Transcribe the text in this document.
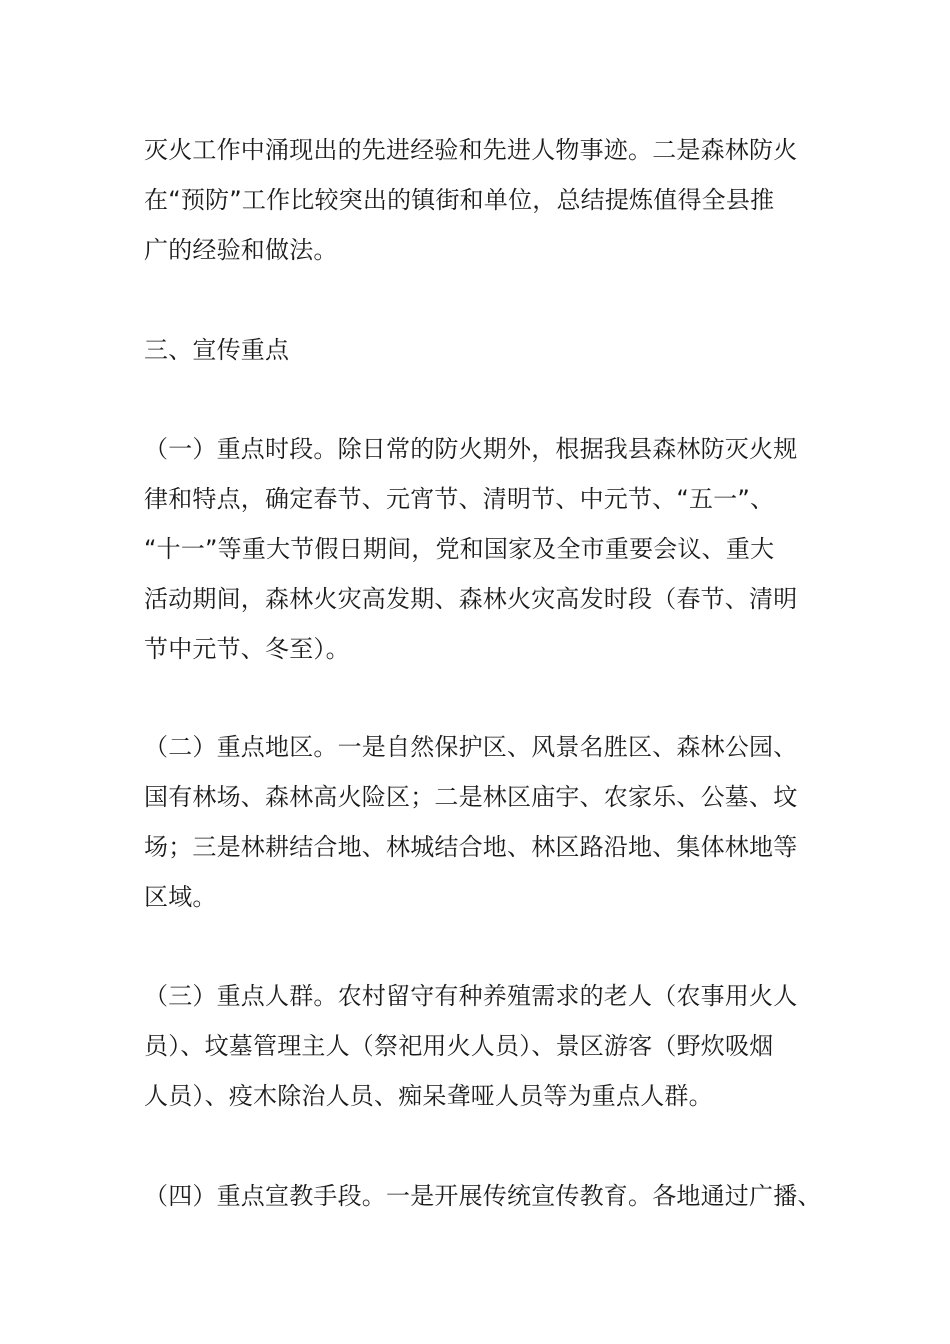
灭火工作中涌现出的先进经验和先进人物事迹。二是森林防火
在“预防”工作比较突出的镇街和单位，总结提炼值得全县推
广的经验和做法。

三、宣传重点

（一）重点时段。除日常的防火期外，根据我县森林防灭火规
律和特点，确定春节、元宵节、清明节、中元节、“五一”、
“十一”等重大节假日期间，党和国家及全市重要会议、重大
活动期间，森林火灾高发期、森林火灾高发时段（春节、清明
节中元节、冬至）。

（二）重点地区。一是自然保护区、风景名胜区、森林公园、
国有林场、森林高火险区；二是林区庙宇、农家乐、公墓、坟
场；三是林耕结合地、林城结合地、林区路沿地、集体林地等
区域。

（三）重点人群。农村留守有种养殖需求的老人（农事用火人
员）、坟墓管理主人（祭祀用火人员）、景区游客（野炊吸烟
人员）、疫木除治人员、痴呆聋哑人员等为重点人群。

（四）重点宣教手段。一是开展传统宣传教育。各地通过广播、
